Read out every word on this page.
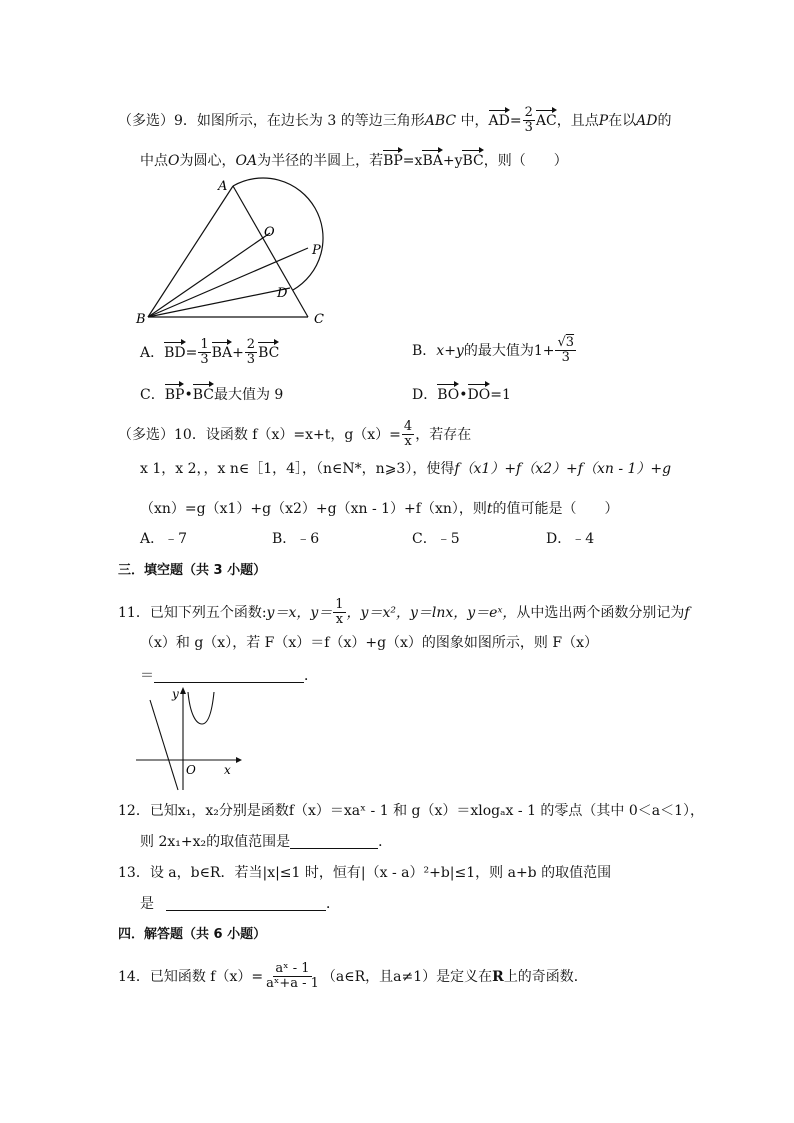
（多选）9．如图所示，在边长为 3 的等边三角形ABC 中，$AD= \frac{2}{3}$ AC，且点P在以AD的
中点O为圆心，OA为半径的半圆上，若BP=xBA+yBC，则（　　）
A
O
P
D
B	C
A．$BD= \frac{1}{3} BA+ \frac{2}{3}$ BC	B．x+y的最大值为$1+ \frac{√3}{3}$
C．BP•BC最大值为 9	D．BO•DO=1
（多选）10．设函数 f（x）=x+t，$g(x)= \frac{4}{x}$ ，若存在
x 1，x 2，，x n∈［1，4］，（n∈N*，n⩾3），使得f（x1）+f（x2）+f（xn - 1）+g
（xn）=g（x1）+g（x2）+g（xn - 1）+f（xn），则t的值可能是（　　）
A．﹣7	B．﹣6	C．﹣5	D．﹣4
三．填空题（共 3 小题）
11．已知下列五个函数:y＝x，$y= \frac{1}{x}$ ，y＝x²，y＝lnx，y＝eˣ，从中选出两个函数分别记为f
（x）和 g（x），若 F（x）＝f（x）+g（x）的图象如图所示，则 F（x）
＝	．
y
O x
12．已知x₁，x₂分别是函数f（x）＝xaˣ - 1 和 g（x）＝xlogₐx - 1 的零点（其中 0＜a＜1），
则 2x₁+x₂的取值范围是	．
13．设 a，b∈R．若当|x|≤1 时，恒有|（x - a）²+b|≤1，则 a+b 的取值范围
是	．
四．解答题（共 6 小题）
14．已知函数 $f(x)= \frac{\text{aˣ - 1}}{\text{aˣ+a - 1}}$ （a∈R，且a≠1）是定义在R上的奇函数．
